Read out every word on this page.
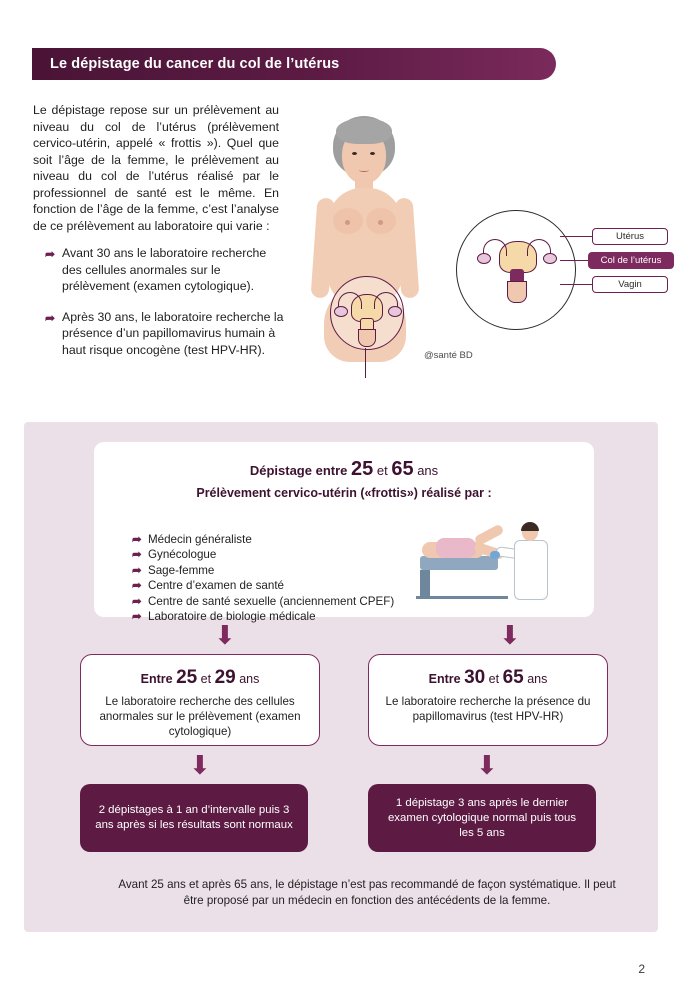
Le dépistage du cancer du col de l’utérus
Le dépistage repose sur un prélèvement au niveau du col de l’utérus (prélèvement cervico-utérin, appelé « frottis »). Quel que soit l’âge de la femme, le prélèvement au niveau du col de l’utérus réalisé par le professionnel de santé est le même. En fonction de l’âge de la femme, c’est l’analyse de ce prélèvement au laboratoire qui varie :
➦ Avant 30 ans le laboratoire recherche des cellules anormales sur le prélèvement (examen cytologique).
➦ Après 30 ans, le laboratoire recherche la présence d’un papillomavirus humain à haut risque oncogène (test HPV-HR).
Utérus
Col de l’utérus
Vagin
@santé BD
Dépistage entre 25 et 65 ans
Prélèvement cervico-utérin («frottis») réalisé par :
➦ Médecin généraliste
➦ Gynécologue
➦ Sage-femme
➦ Centre d’examen de santé
➦ Centre de santé sexuelle (anciennement CPEF)
➦ Laboratoire de biologie médicale
⬇	⬇
Entre 25 et 29 ans
Le laboratoire recherche des cellules anormales sur le prélèvement (examen cytologique)
Entre 30 et 65 ans
Le laboratoire recherche la présence du papillomavirus (test HPV-HR)
⬇	⬇
2 dépistages à 1 an d’intervalle puis 3 ans après si les résultats sont normaux
1 dépistage 3 ans après le dernier examen cytologique normal puis tous les 5 ans
Avant 25 ans et après 65 ans, le dépistage n’est pas recommandé de façon systématique. Il peut être proposé par un médecin en fonction des antécédents de la femme.
2
